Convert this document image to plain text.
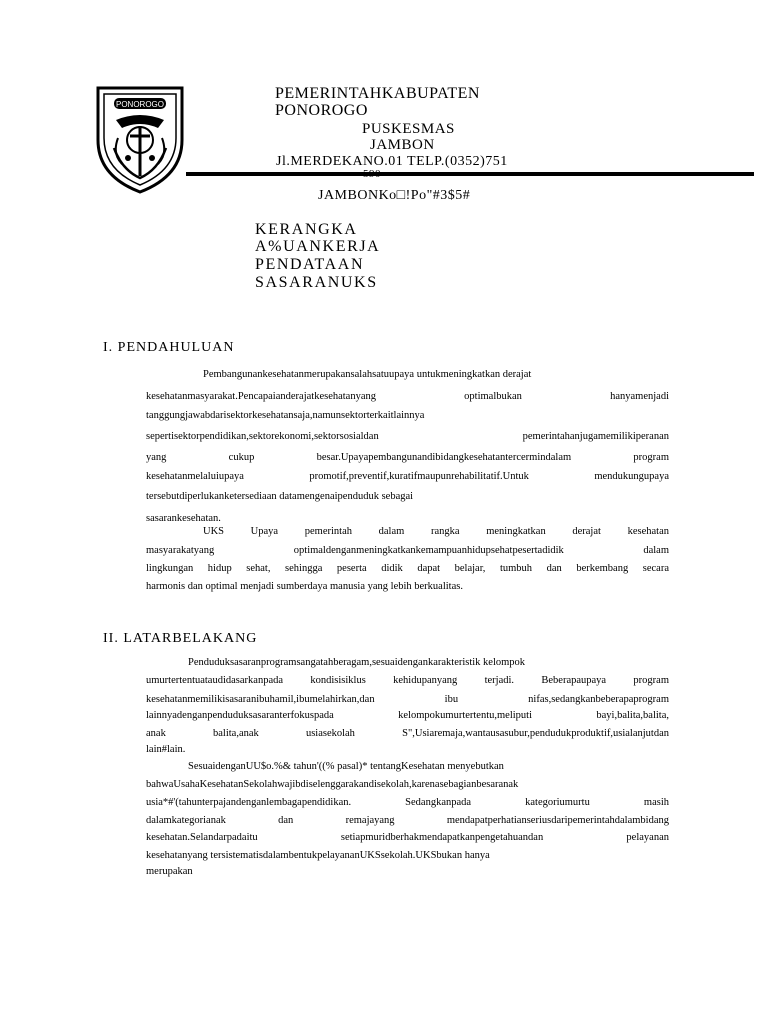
PONOROGO
PEMERINTAHKABUPATEN
PONOROGO
PUSKESMAS
JAMBON
Jl.MERDEKANO.01 TELP.(0352)751
JAMBONKo□!Po"#3$5#
KERANGKA
A%UANKERJA
PENDATAAN
SASARANUKS
I. PENDAHULUAN
Pembangunankesehatanmerupakansalahsatuupaya untukmeningkatkan derajat
kesehatanmasyarakat.Pencapaianderajatkesehatanyang optimalbukan hanyamenjadi
tanggungjawabdarisektorkesehatansaja,namunsektorterkaitlainnya
sepertisektorpendidikan,sektorekonomi,sektorsosialdan pemerintahanjugamemilikiperanan
yang cukup besar.Upayapembangunandibidangkesehatantercermindalam program
kesehatanmelaluiupaya promotif,preventif,kuratifmaupunrehabilitatif.Untuk mendukungupaya
tersebutdiperlukanketersediaan datamengenaipenduduk sebagai
sasarankesehatan.
UKS Upaya pemerintah dalam rangka meningkatkan derajat kesehatan
masyarakatyang optimaldenganmeningkatkankemampuanhidupsehatpesertadidik dalam
lingkungan hidup sehat, sehingga peserta didik dapat belajar, tumbuh dan berkembang secara
harmonis dan optimal menjadi sumberdaya manusia yang lebih berkualitas.
II. LATARBELAKANG
Penduduksasaranprogramsangatahberagam,sesuaidengankarakteristik kelompok
umurtertentuataudidasarkanpada kondisisiklus kehidupanyang terjadi. Beberapaupaya program
kesehatanmemilikisasaranibuhamil,ibumelahirkan,dan ibu nifas,sedangkanbeberapaprogram
lainnyadenganpenduduksasaranterfokuspada kelompokumurtertentu,meliputi bayi,balita,balita,
anak balita,anak usiasekolah S",Usiaremaja,wantausasubur,pendudukproduktif,usialanjutdan
lain#lain.
SesuaidenganUU$o.%& tahun'((% pasal)* tentangKesehatan menyebutkan
bahwaUsahaKesehatanSekolahwajibdiselenggarakandisekolah,karenasebagianbesaranak
usia*#'(tahunterpajandenganlembagapendidikan. Sedangkanpada kategoriumurtu masih
dalamkategorianak dan remajayang mendapatperhatianseriusdaripemerintahdalambidang
kesehatan.Selandarpadaitu setiapmuridberhakmendapatkanpengetahuandan pelayanan
kesehatanyang tersistematisdalambentukpelayananUKSsekolah.UKSbukan hanya
merupakan
